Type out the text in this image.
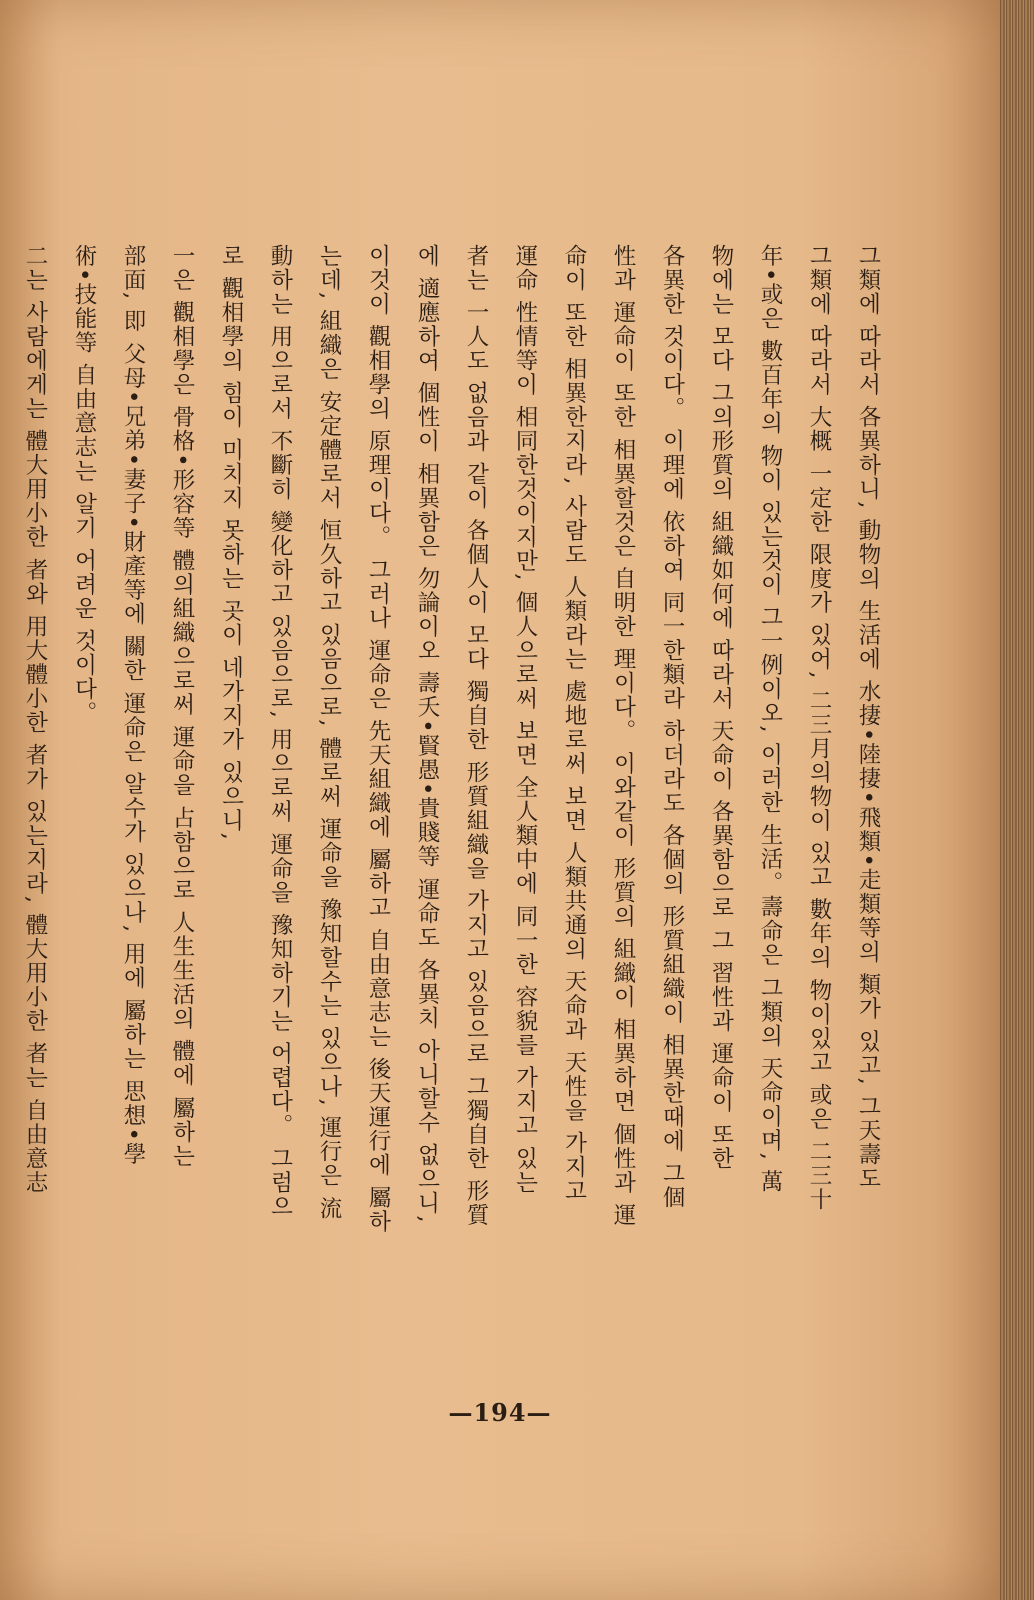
그類에 따라서 各異하니, 動物의 生活에 水捿•陸捿•飛類•走類等의 類가 있고, 그天壽도
그類에 따라서 大概 一定한 限度가 있어, 二三月의物이 있고 數年의 物이있고 或은 二三十
年•或은 數百年의 物이 있는것이 그一例이오, 이러한 生活。壽命은 그類의 天命이며, 萬
物에는 모다 그의形質의 組織如何에 따라서 天命이 各異함으로 그 習性과 運命이 또한
各異한 것이다。 이理에 依하여 同一한類라 하더라도 各個의 形質組織이 相異한때에 그個
性과 運命이 또한 相異할것은 自明한 理이다。 이와같이 形質의 組織이 相異하면 個性과 運
命이 또한 相異한지라, 사람도 人類라는 處地로써 보면 人類共通의 天命과 天性을 가지고
運命 性情等이 相同한것이지만, 個人으로써 보면 全人類中에 同一한 容貌를 가지고 있는
者는 一人도 없음과 같이 各個人이 모다 獨自한 形質組織을 가지고 있음으로 그獨自한 形質
에 適應하여 個性이 相異함은 勿論이오 壽夭•賢愚•貴賤等 運命도 各異치 아니할수 없으니,
이것이 觀相學의 原理이다。 그러나 運命은 先天組織에 屬하고 自由意志는 後天運行에 屬하
는데, 組織은 安定體로서 恒久하고 있음으로, 體로써 運命을 豫知할수는 있으나, 運行은 流
動하는 用으로서 不斷히 變化하고 있음으로, 用으로써 運命을 豫知하기는 어렵다。 그럼으
로 觀相學의 힘이 미치지 못하는 곳이 네가지가 있으니,
一은 觀相學은 骨格•形容等 體의組織으로써 運命을 占함으로 人生生活의 體에 屬하는
部面, 即 父母•兄弟•妻子•財產等에 關한 運命은 알수가 있으나, 用에 屬하는 思想•學
術•技能等 自由意志는 알기 어려운 것이다。
二는 사람에게는 體大用小한 者와 用大體小한 者가 있는지라, 體大用小한 者는 自由意志
—194—
